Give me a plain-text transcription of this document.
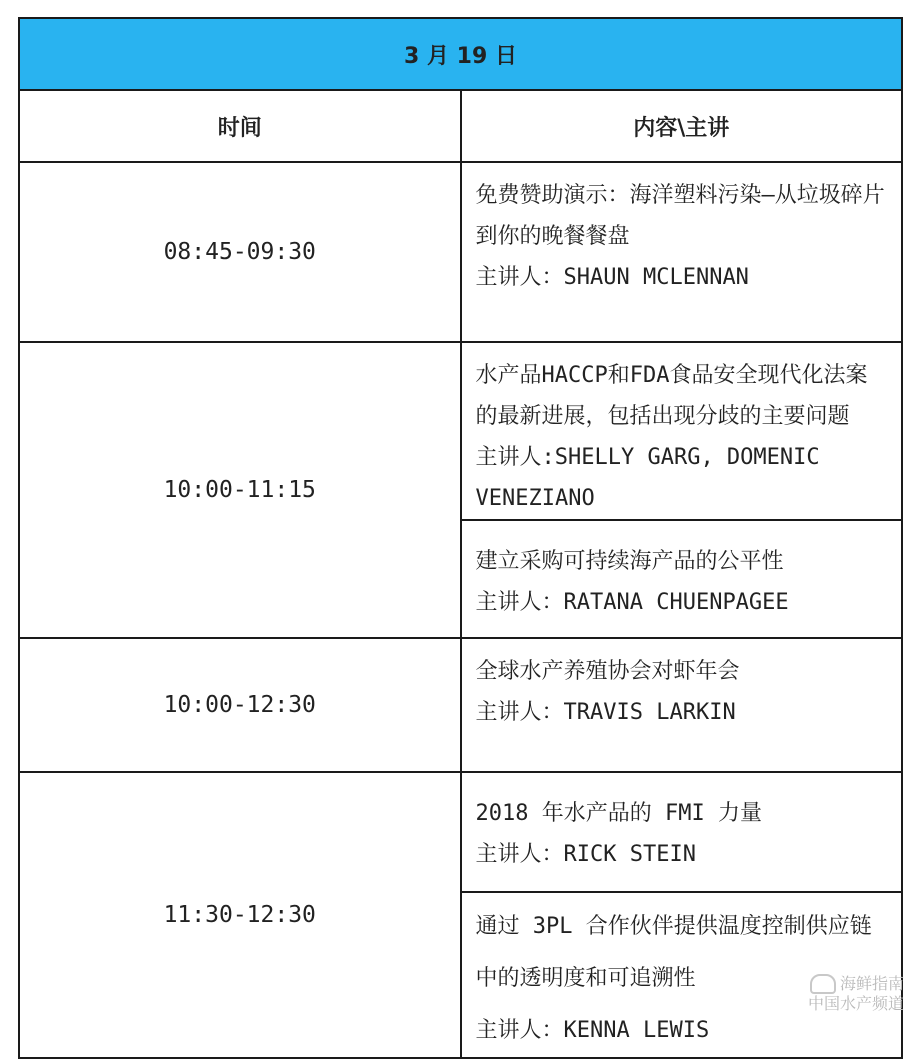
3 月 19 日	
时间	内容\主讲
08:45-09:30	免费赞助演示：海洋塑料污染—从垃圾碎片到你的晚餐餐盘
主讲人：SHAUN MCLENNAN

10:00-11:15	水产品HACCP和FDA食品安全现代化法案的最新进展，包括出现分歧的主要问题
主讲人:SHELLY GARG, DOMENIC VENEZIANO

	建立采购可持续海产品的公平性
主讲人：RATANA CHUENPAGEE

10:00-12:30	全球水产养殖协会对虾年会
主讲人：TRAVIS LARKIN

11:30-12:30	2018 年水产品的 FMI 力量
主讲人：RICK STEIN

	通过 3PL 合作伙伴提供温度控制供应链中的透明度和可追溯性
主讲人：KENNA LEWIS
海鲜指南
中国水产频道
